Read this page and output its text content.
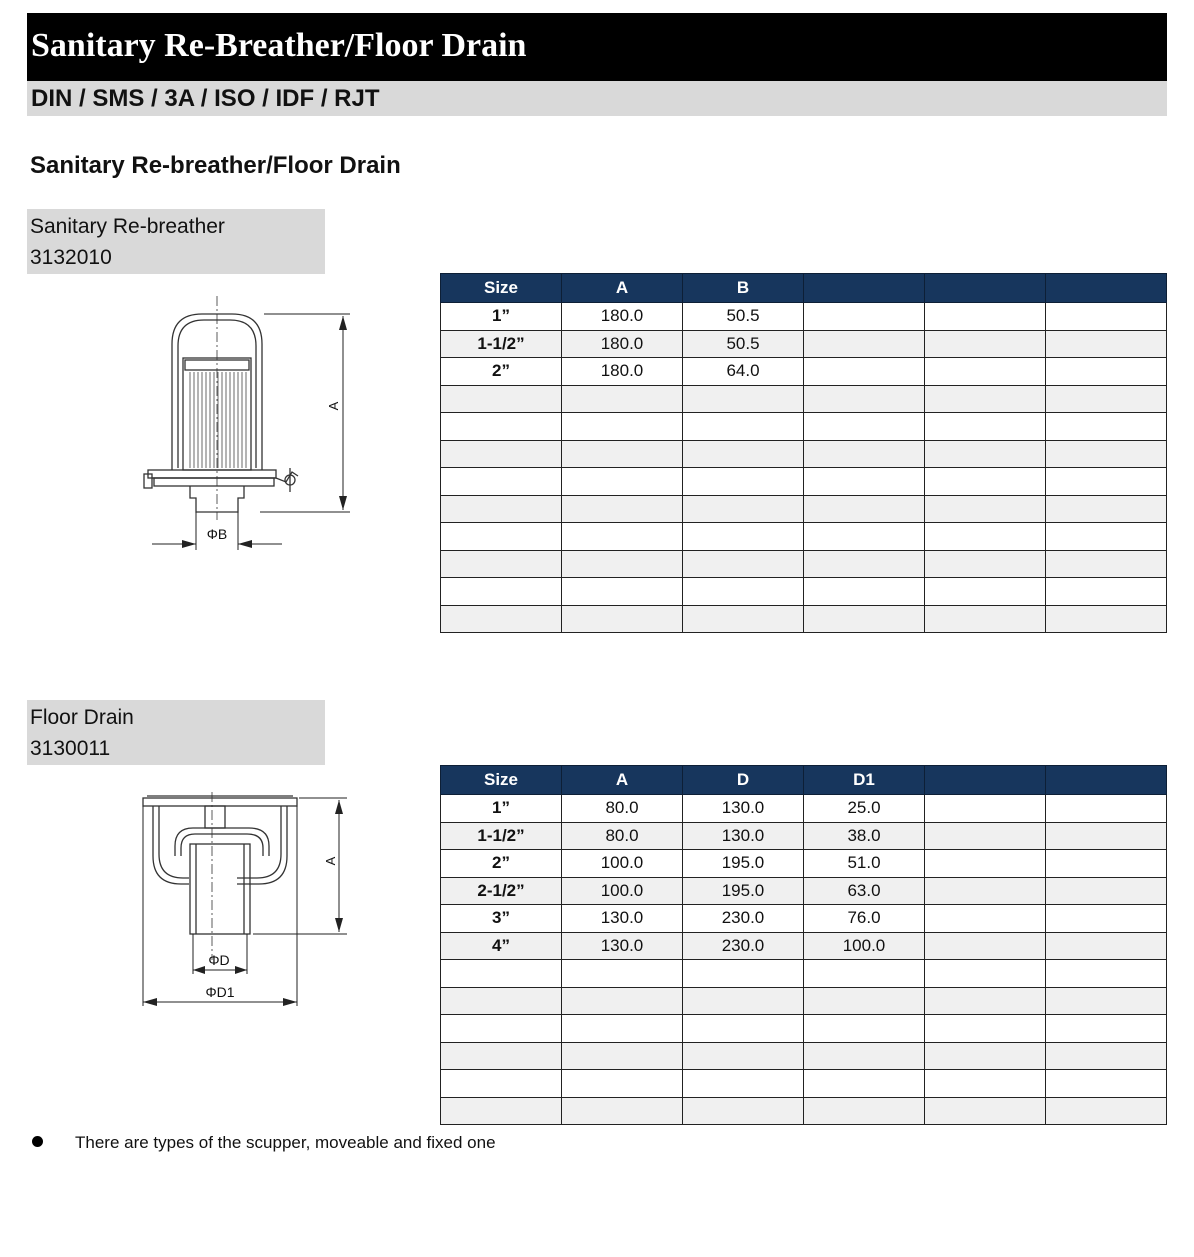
Sanitary Re-Breather/Floor Drain
DIN / SMS / 3A / ISO / IDF / RJT
Sanitary Re-breather/Floor Drain
Sanitary Re-breather
3132010
A
ΦB
Size	A	B			
1”	180.0	50.5			
1-1/2”	180.0	50.5			
2”	180.0	64.0			

Floor Drain
3130011
A
ΦD
ΦD1
Size	A	D	D1		
1”	80.0	130.0	25.0		
1-1/2”	80.0	130.0	38.0		
2”	100.0	195.0	51.0		
2-1/2”	100.0	195.0	63.0		
3”	130.0	230.0	76.0		
4”	130.0	230.0	100.0		

There are types of the scupper, moveable and fixed one
